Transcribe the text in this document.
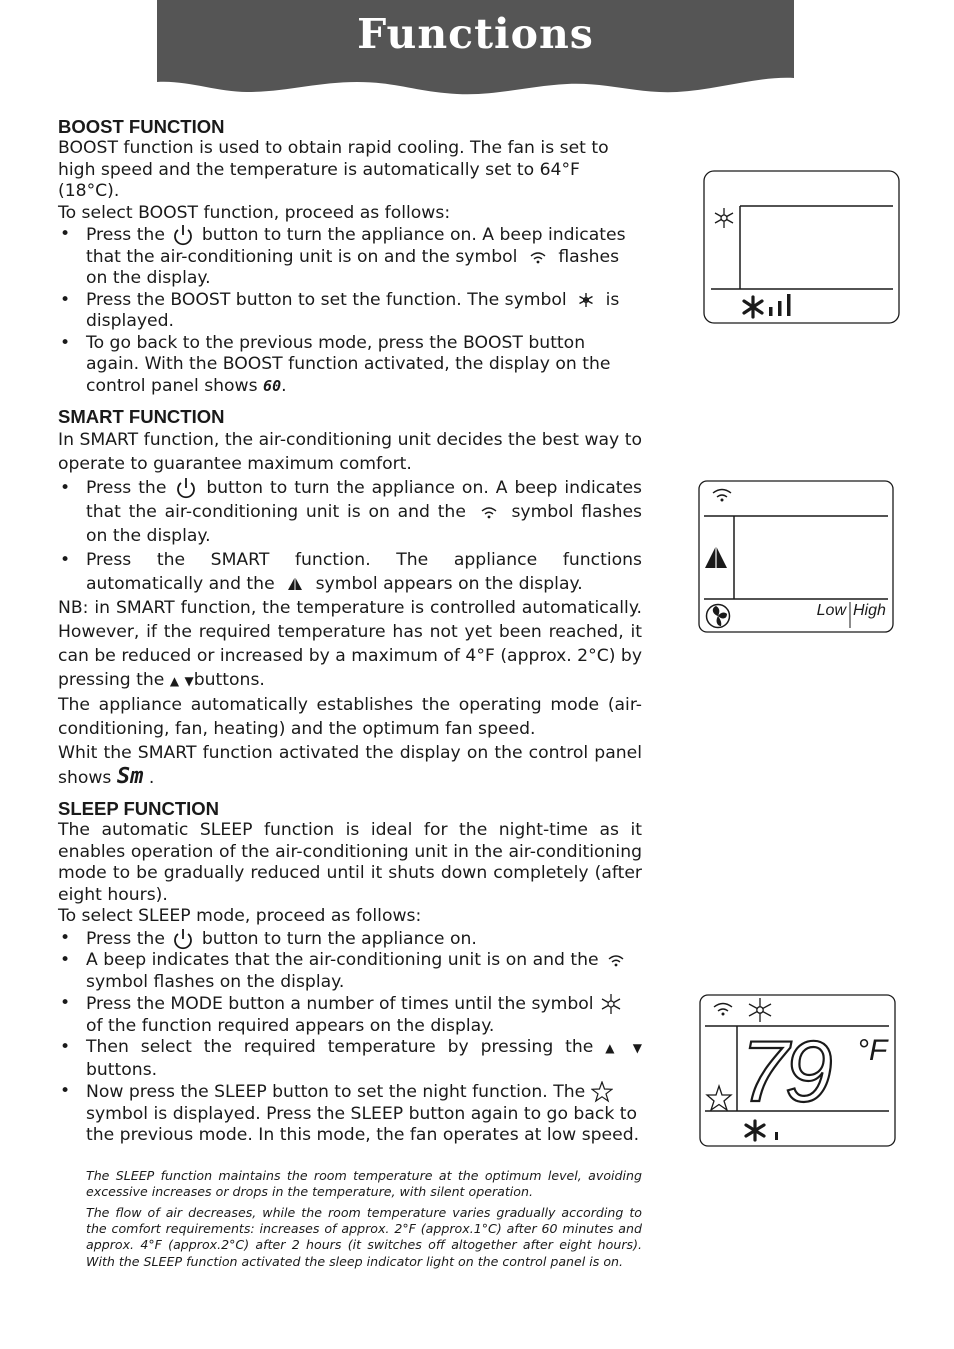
Functions
BOOST FUNCTION
BOOST function is used to obtain rapid cooling. The fan is set to high speed and the temperature is automatically set to 64°F (18°C).
To select BOOST function, proceed as follows:
• Press the button to turn the appliance on. A beep indicates that the air-conditioning unit is on and the symbol flashes on the display.
• Press the BOOST button to set the function. The symbol is displayed.
• To go back to the previous mode, press the BOOST button again. With the BOOST function activated, the display on the control panel shows 60.
SMART FUNCTION
In SMART function, the air-conditioning unit decides the best way to operate to guarantee maximum comfort.
• Press the button to turn the appliance on. A beep indicates that the air-conditioning unit is on and the	symbol flashes on the display.
• Press the SMART function. The appliance functions automatically and the symbol appears on the display.
NB: in SMART function, the temperature is controlled automatically. However, if the required temperature has not yet been reached, it can be reduced or increased by a maximum of 4°F (approx. 2°C) by pressing the ▲ ▼buttons.
The appliance automatically establishes the operating mode (air-conditioning, fan, heating) and the optimum fan speed.
Whit the SMART function activated the display on the control panel shows Sm .
SLEEP FUNCTION
The automatic SLEEP function is ideal for the night-time as it enables operation of the air-conditioning unit in the air-conditioning mode to be gradually reduced until it shuts down completely (after eight hours).
To select SLEEP mode, proceed as follows:
• Press the button to turn the appliance on.
• A beep indicates that the air-conditioning unit is on and the  symbol flashes on the display.
• Press the MODE button a number of times until the symbol  of the function required appears on the display.
• Then select the required temperature by pressing the ▲ ▼ buttons.
• Now press the SLEEP button to set the night function. The  symbol is displayed. Press the SLEEP button again to go back to the previous mode. In this mode, the fan operates at low speed.
The SLEEP function maintains the room temperature at the optimum level, avoiding excessive increases or drops in the temperature, with silent operation.
The flow of air decreases, while the room temperature varies gradually according to the comfort requirements: increases of approx. 2°F (approx.1°C) after 60 minutes and approx. 4°F (approx.2°C) after 2 hours (it switches off altogether after eight hours). With the SLEEP function activated the sleep indicator light on the control panel is on.
Low High
79 °F
